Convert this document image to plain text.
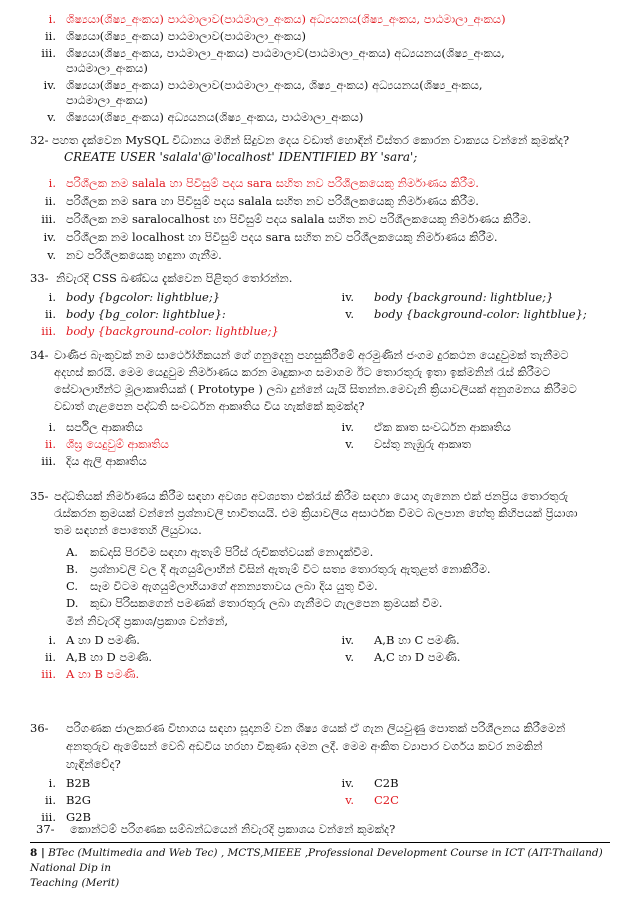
i. ශිෂ්‍යයා(ශිෂ්‍ය_අංකය) පාඨමාලාව(පාඨමාලා_අංකය) අධ්‍යයනය(ශිෂ්‍ය_අංකය, පාඨමාලා_අංකය)
ii. ශිෂ්‍යයා(ශිෂ්‍ය_අංකය) පාඨමාලාව(පාඨමාලා_අංකය)
iii. ශිෂ්‍යයා(ශිෂ්‍ය_අංකය, පාඨමාලා_අංකය) පාඨමාලාව(පාඨමාලා_අංකය) අධ්‍යයනය(ශිෂ්‍ය_අංකය,
පාඨමාලා_අංකය)
iv. ශිෂ්‍යයා(ශිෂ්‍ය_අංකය) පාඨමාලාව(පාඨමාලා_අංකය, ශිෂ්‍ය_අංකය) අධ්‍යයනය(ශිෂ්‍ය_අංකය,
පාඨමාලා_අංකය)
v. ශිෂ්‍යයා(ශිෂ්‍ය_අංකය) අධ්‍යයනය(ශිෂ්‍ය_අංකය, පාඨමාලා_අංකය)
32- පහත දැක්වෙන MySQL විධානය මගින් සිදුවන දෙය වඩාත් හොඳින් විස්තර කොරන වාක්‍යය වන්නේ කුමක්ද?
CREATE USER 'salala'@'localhost' IDENTIFIED BY 'sara';
i. පරිශීලක නම salala හා පිවිසුම් පදය sara සහිත නව පරිශීලකයෙකු නිර්මාණය කිරීම.
ii. පරිශීලක නම sara හා පිවිසුම් පදය salala සහිත නව පරිශීලකයෙකු නිර්මාණය කිරීම.
iii. පරිශීලක නම saralocalhost හා පිවිසුම් පදය salala සහිත නව පරිශීලකයෙකු නිර්මාණය කිරීම.
iv. පරිශීලක නම localhost හා පිවිසුම් පදය sara සහිත නව පරිශීලකයෙකු නිර්මාණය කිරීම.
v. නව පරිශීලකයෙකු හඳුනා ගැනීම.
33- නිවැරදි CSS ඛණ්ඩය දැක්වෙන පිළිතුර තෝරන්න.
i. body {bgcolor: lightblue;}
ii. body {bg_color: lightblue}:
iii. body {background-color: lightblue;}
iv. body {background: lightblue;}
v. body {background-color: lightblue};
34- වාණිජ බැංකුවක් නම සාර්ථෝගිකයන් ගේ ගනුදෙනු පහසුකිරීමේ අරමුණින් ජංගම දුරකථන යෙදුවුමක් තැනීමට
අදහස් කරයි. මෙම යෙදුවුම නිර්මාණය කරන මෘදුකාංග සමාගම ඊට තොරතුරු ඉතා ඉක්මනින් රැස් කිරීමට
සේවාලාභීන්ට මූලාකෘතියක් ( Prototype ) ලබා දුන්නේ යැයි සිතන්න.මෙවැනි ක්‍රියාවලියක් අනුගමනය කිරීමට
වඩාත් ගැළපෙන පද්ධති සංවර්ධන ආකෘතිය විය හැක්කේ කුමක්ද?
i. සර්පිල ආකෘතිය
ii. ශීඝ්‍ර යෙදුවුම් ආකෘතිය
iii. දිය ඇලි ආකෘතිය
iv. ඒක කෘත සංවර්ධන ආකෘතිය
v. වස්තු නැඹුරු ආකෘත
35- පද්ධතියක් නිර්මාණය කිරීම සඳහා අවශ්‍ය අවශ්‍යතා එක්රැස් කිරීම සඳහා යොදා ගැනෙන එක් ජනප්‍රිය තොරතුරු
රැස්කරන ක්‍රමයක් වන්නේ ප්‍රශ්නාවලි භාවිතයයි. එම ක්‍රියාවලිය අසාර්ථක වීමට බලපාන හේතු කිහිපයක් ප්‍රියාශා
තම සඳහන් පොතෙහි ලියුවාය.
A. කඩදාසි පිරවීම සඳහා ඇතැම් පිරිස් රුචිකත්වයක් නොදැක්වීම.
B. ප්‍රශ්නාවලි වල දී ඇගයුම්ලාභීන් විසින් ඇතැම් විට සත්‍ය තොරතුරු ඇතුළත් නොකිරීම.
C. සෑම විටම ඇගයුම්ලාභියාගේ අනන්‍යතාවය ලබා දිය යුතු වීම.
D. කුඩා පිරිසකගෙන් පමණක් තොරතුරු ලබා ගැනීමට ගැලපෙන ක්‍රමයක් වීම.
මින් නිවැරදි ප්‍රකාශ/ප්‍රකාශ වන්නේ,
i. A හා D පමණි.
ii. A,B හා D පමණි.
iii. A හා B පමණි.
iv. A,B හා C පමණි.
v. A,C හා D පමණි.
36- පරිගණක ජාලකරණ විභාගය සඳහා සූදානම් වන ශිෂ්‍ය යෙක් ඒ ගැන ලියවුණු පොතක් පරිශීලනය කිරීමෙන්
අනතුරුව ඇමේසන් වෙබ් අඩවිය හරහා විකුණා දමන ලදී. මෙම අංකිත ව්‍යාපාර වර්ගය කවර නමකින්
හැඳින්වේද?
i. B2B
ii. B2G
iii. G2B
iv. C2B
v. C2C
37- කොන්ටම් පරිගණක සම්බන්ධයෙන් නිවැරදි ප්‍රකාශය වන්නේ කුමක්ද?
8 | BTec (Multimedia and Web Tec) , MCTS,MIEEE ,Professional Development Course in ICT (AIT-Thailand) National Dip in
Teaching (Merit)
